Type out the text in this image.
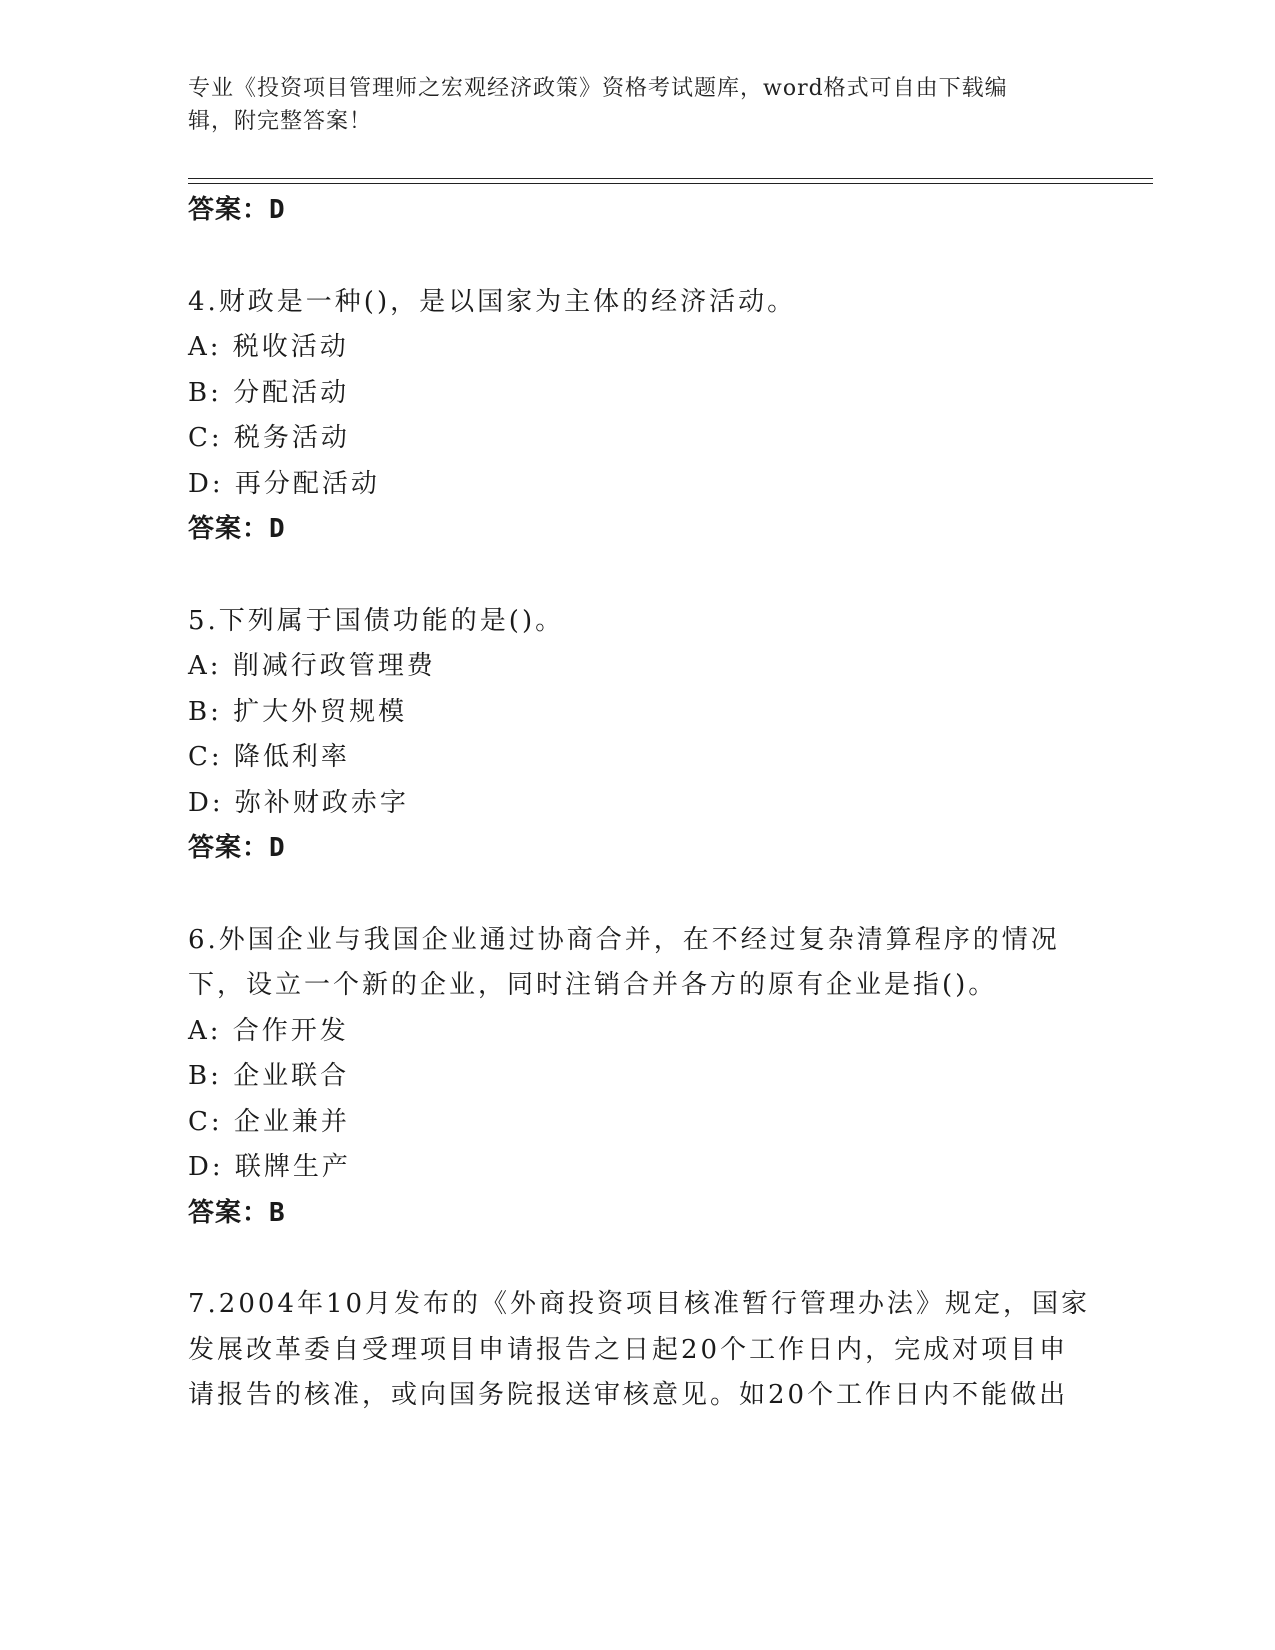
专业《投资项目管理师之宏观经济政策》资格考试题库，word格式可自由下载编
辑，附完整答案！
答案：D
4.财政是一种()，是以国家为主体的经济活动。
A: 税收活动
B: 分配活动
C: 税务活动
D: 再分配活动
答案：D
5.下列属于国债功能的是()。
A: 削减行政管理费
B: 扩大外贸规模
C: 降低利率
D: 弥补财政赤字
答案：D
6.外国企业与我国企业通过协商合并，在不经过复杂清算程序的情况
下，设立一个新的企业，同时注销合并各方的原有企业是指()。
A: 合作开发
B: 企业联合
C: 企业兼并
D: 联牌生产
答案：B
7.2004年10月发布的《外商投资项目核准暂行管理办法》规定，国家
发展改革委自受理项目申请报告之日起20个工作日内，完成对项目申
请报告的核准，或向国务院报送审核意见。如20个工作日内不能做出
